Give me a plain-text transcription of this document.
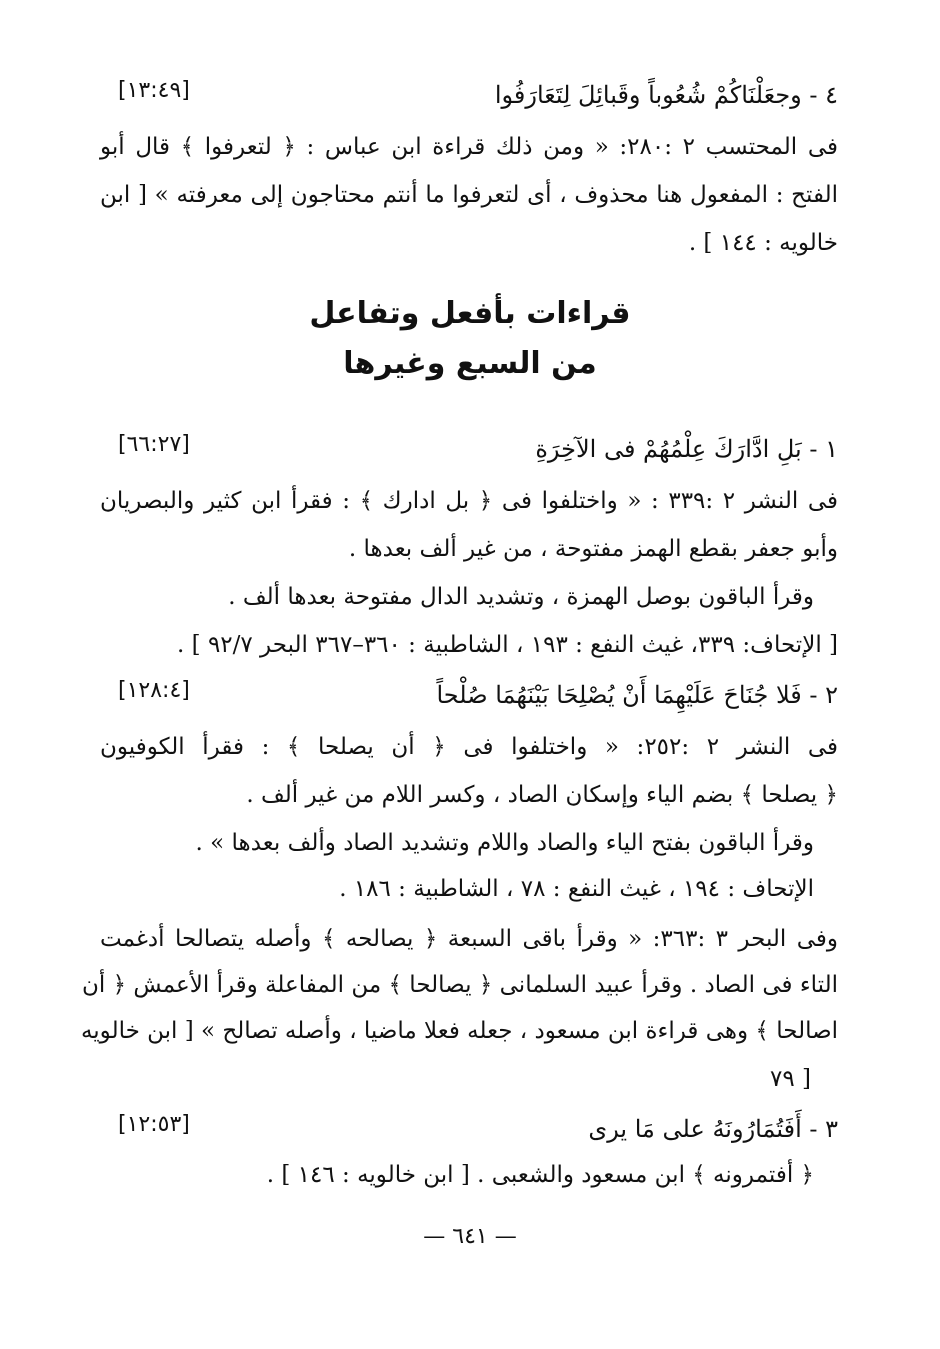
٤ ‐ وجعَلْنَاكُمْ شُعُوباً وقَبائِلَ لِتَعَارَفُوا
[١٣:٤٩]
فى المحتسب ٢ :٢٨٠: « ومن ذلك قراءة ابن عباس : ﴿ لتعرفوا ﴾ قال أبو
الفتح : المفعول هنا محذوف ، أى لتعرفوا ما أنتم محتاجون إلى معرفته » [ ابن
خالويه : ١٤٤ ] .
قراءات بأفعل وتفاعل
من السبع وغيرها
١ ‐ بَلِ ادَّارَكَ عِلْمُهُمْ فى الآخِرَةِ
[٦٦:٢٧]
فى النشر ٢ :٣٣٩ : « واختلفوا فى ﴿ بل ادارك ﴾ : فقرأ ابن كثير والبصريان
وأبو جعفر بقطع الهمز مفتوحة ، من غير ألف بعدها .
وقرأ الباقون بوصل الهمزة ، وتشديد الدال مفتوحة بعدها ألف .
[ الإتحاف: ٣٣٩، غيث النفع : ١٩٣ ، الشاطبية : ٣٦٠–٣٦٧ البحر ٩٢/٧ ] .
٢ ‐ فَلا جُنَاحَ عَلَيْهِمَا أَنْ يُصْلِحَا بَيْنَهُمَا صُلْحاً
[١٢٨:٤]
فى النشر ٢ :٢٥٢: « واختلفوا فى ﴿ أن يصلحا ﴾ : فقرأ الكوفيون
﴿ يصلحا ﴾ بضم الياء وإسكان الصاد ، وكسر اللام من غير ألف .
وقرأ الباقون بفتح الياء والصاد واللام وتشديد الصاد وألف بعدها » .
الإتحاف : ١٩٤ ، غيث النفع : ٧٨ ، الشاطبية : ١٨٦ .
وفى البحر ٣ :٣٦٣: « وقرأ باقى السبعة ﴿ يصالحه ﴾ وأصله يتصالحا أدغمت
التاء فى الصاد . وقرأ عبيد السلمانى ﴿ يصالحا ﴾ من المفاعلة وقرأ الأعمش ﴿ أن
اصالحا ﴾ وهى قراءة ابن مسعود ، جعله فعلا ماضيا ، وأصله تصالح » [ ابن خالويه
٧٩ ]
٣ ‐ أَفَتُمَارُونَهُ على مَا يرى
[١٢:٥٣]
﴿ أفتمرونه ﴾ ابن مسعود والشعبى . [ ابن خالويه : ١٤٦ ] .
— ٦٤١ —
